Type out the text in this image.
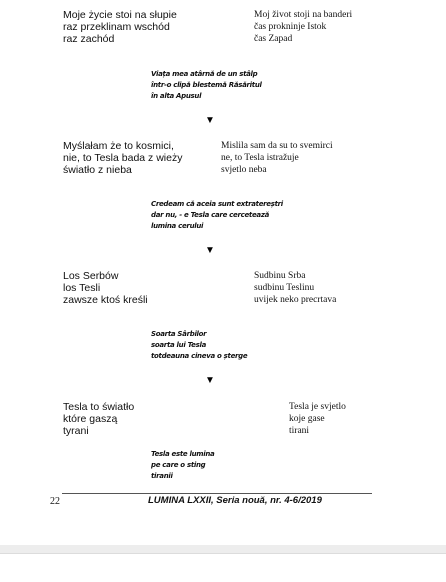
Moje życie stoi na słupie
raz przeklinam wschód
raz zachód
Moj život stoji na banderi
čas prokninje Istok
čas Zapad
Viața mea atârnă de un stâlp
într-o clipă blestemă Răsăritul
în alta Apusul
▼
Myślałam że to kosmici,
nie, to Tesla bada z wieży
światło z nieba
Mislila sam da su to svemirci
ne, to Tesla istražuje
svjetlo neba
Credeam că aceia sunt extratereștri
dar nu, - e Tesla care cercetează
lumina cerului
▼
Los Serbów
los Tesli
zawsze ktoś kreśli
Sudbinu Srba
sudbinu Teslinu
uvijek neko precrtava
Soarta Sârbilor
soarta lui Tesla
totdeauna cineva o șterge
▼
Tesla to światło
które gaszą
tyrani
Tesla je svjetlo
koje gase
tirani
Tesla este lumina
pe care o sting
tiranii
22	LUMINA LXXII, Seria nouă, nr. 4-6/2019
